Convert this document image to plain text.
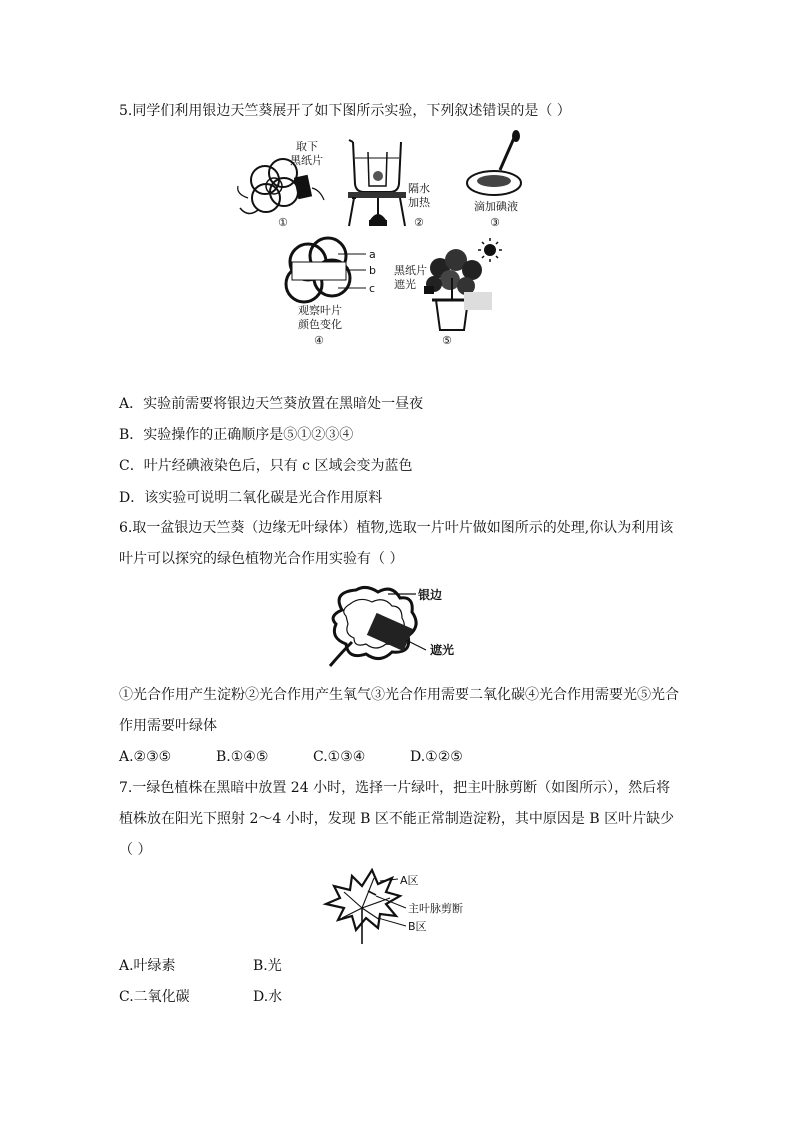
5.同学们利用银边天竺葵展开了如下图所示实验，下列叙述错误的是（ ）
取下
黑纸片
①
隔水
加热
②
滴加碘液
③
a
b
c
观察叶片
颜色变化
④
黑纸片
遮光
⑤
A．实验前需要将银边天竺葵放置在黑暗处一昼夜
B．实验操作的正确顺序是⑤①②③④
C．叶片经碘液染色后，只有 c 区域会变为蓝色
D．该实验可说明二氧化碳是光合作用原料
6.取一盆银边天竺葵（边缘无叶绿体）植物,选取一片叶片做如图所示的处理,你认为利用该
叶片可以探究的绿色植物光合作用实验有（ ）
银边
遮光
①光合作用产生淀粉②光合作用产生氧气③光合作用需要二氧化碳④光合作用需要光⑤光合
作用需要叶绿体
A.②③⑤	B.①④⑤	C.①③④	D.①②⑤
7.一绿色植株在黑暗中放置 24 小时，选择一片绿叶，把主叶脉剪断（如图所示），然后将
植株放在阳光下照射 2～4 小时，发现 B 区不能正常制造淀粉，其中原因是 B 区叶片缺少
（ ）
A区
主叶脉剪断
B区
A.叶绿素	B.光
C.二氧化碳	D.水
